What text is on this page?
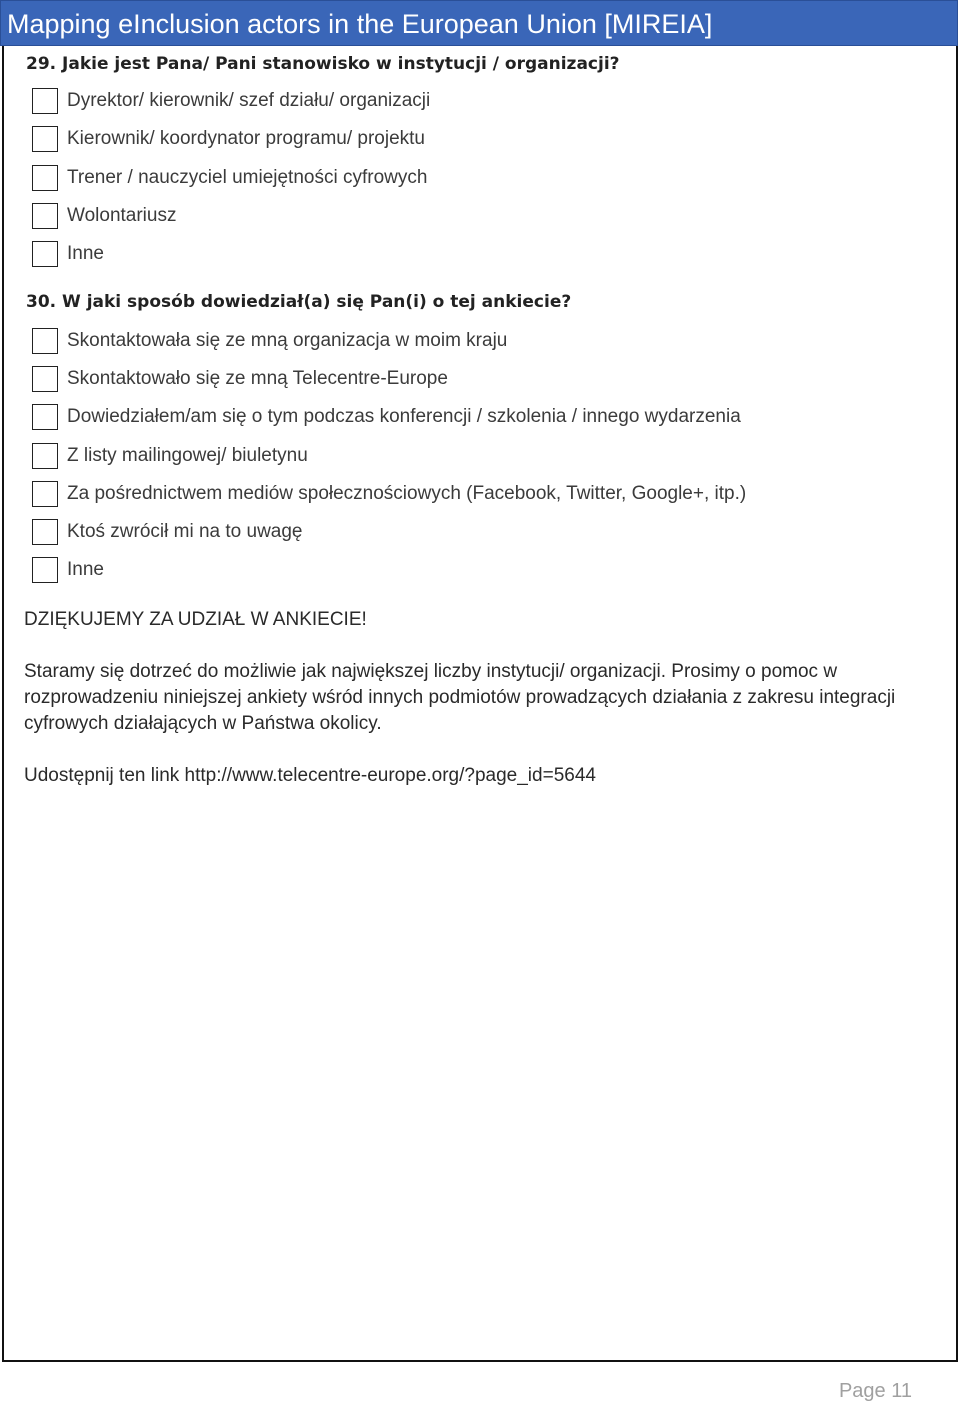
Mapping eInclusion actors in the European Union [MIREIA]
29. Jakie jest Pana/ Pani stanowisko w instytucji / organizacji?
Dyrektor/ kierownik/ szef działu/ organizacji
Kierownik/ koordynator programu/ projektu
Trener / nauczyciel umiejętności cyfrowych
Wolontariusz
Inne
30. W jaki sposób dowiedział(a) się Pan(i) o tej ankiecie?
Skontaktowała się ze mną organizacja w moim kraju
Skontaktowało się ze mną Telecentre-Europe
Dowiedziałem/am się o tym podczas konferencji / szkolenia / innego wydarzenia
Z listy mailingowej/ biuletynu
Za pośrednictwem mediów społecznościowych (Facebook, Twitter, Google+, itp.)
Ktoś zwrócił mi na to uwagę
Inne
DZIĘKUJEMY ZA UDZIAŁ W ANKIECIE!
Staramy się dotrzeć do możliwie jak największej liczby instytucji/ organizacji. Prosimy o pomoc w rozprowadzeniu niniejszej ankiety wśród innych podmiotów prowadzących działania z zakresu integracji cyfrowych działających w Państwa okolicy.
Udostępnij ten link http://www.telecentre-europe.org/?page_id=5644
Page 11
